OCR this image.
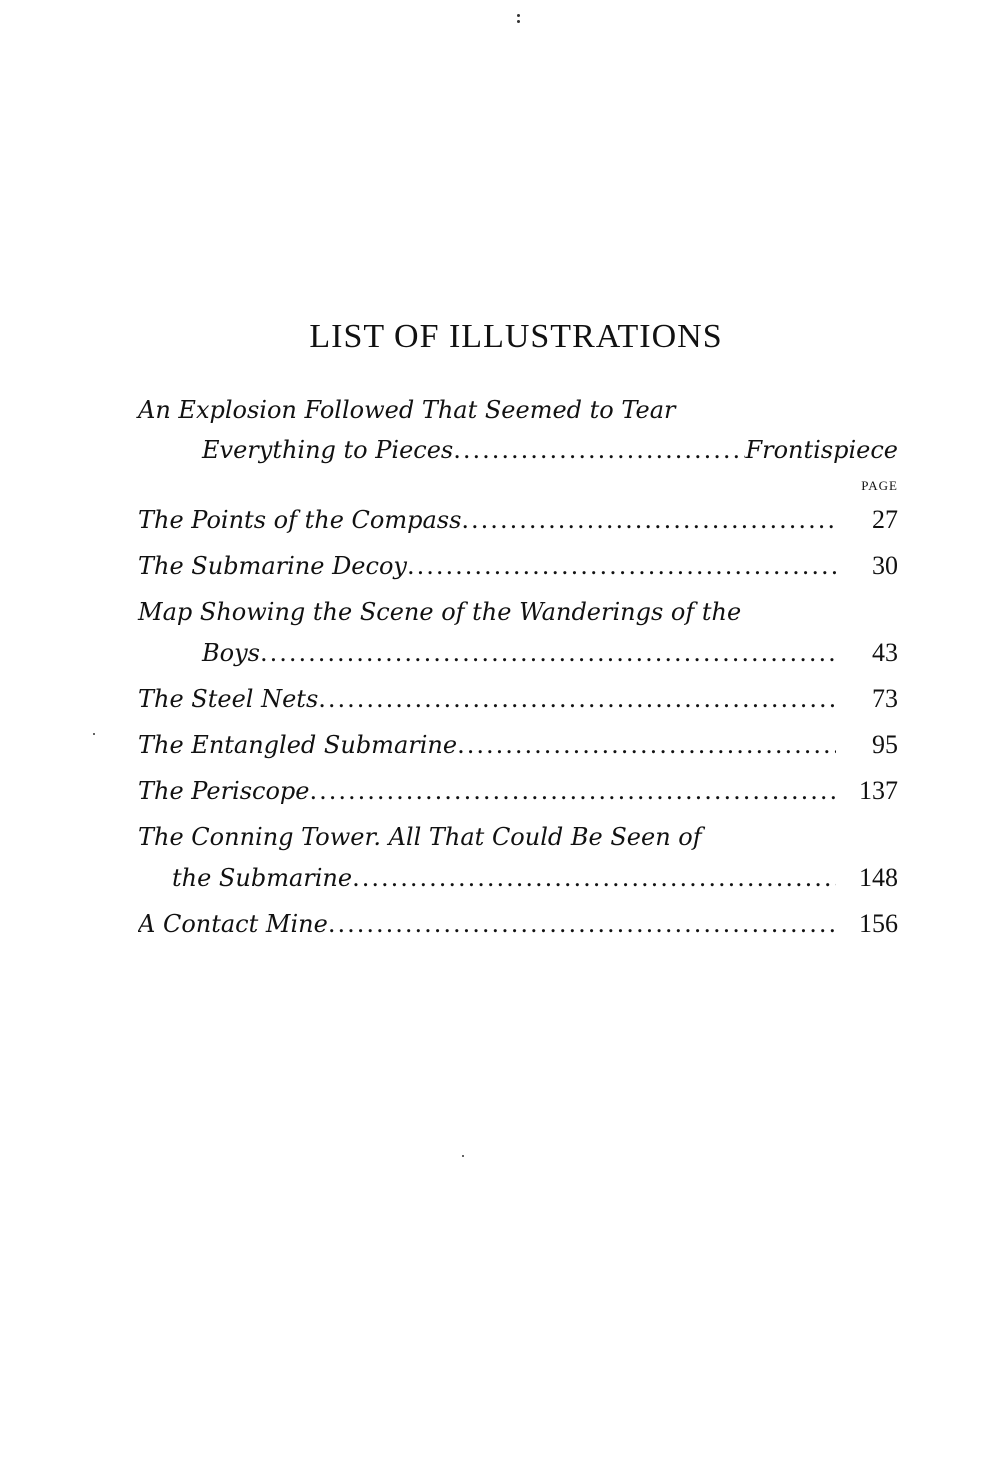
LIST OF ILLUSTRATIONS
An Explosion Followed That Seemed to Tear
Everything to Pieces .....	Frontispiece
PAGE
The Points of the Compass .....	27
The Submarine Decoy .....	30
Map Showing the Scene of the Wanderings of the
Boys .....	43
The Steel Nets .....	73
The Entangled Submarine .....	95
The Periscope .....	137
The Conning Tower. All That Could Be Seen of
the Submarine .....	148
A Contact Mine .....	156
